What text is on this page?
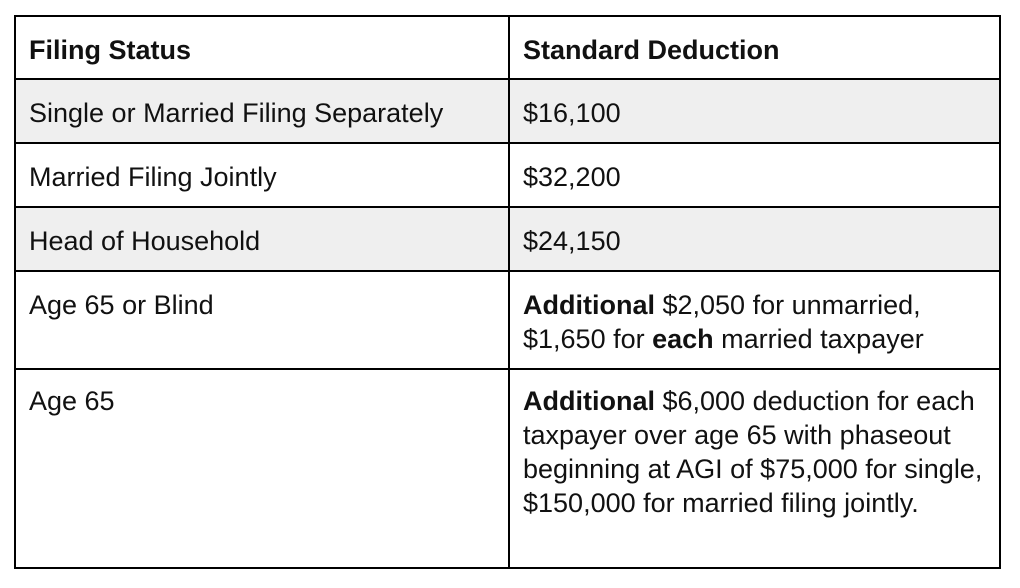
Filing Status	Standard Deduction
Single or Married Filing Separately	$16,100
Married Filing Jointly	$32,200
Head of Household	$24,150
Age 65 or Blind	Additional $2,050 for unmarried, $1,650 for each married taxpayer
Age 65	Additional $6,000 deduction for each taxpayer over age 65 with phaseout beginning at AGI of $75,000 for single, $150,000 for married filing jointly.
